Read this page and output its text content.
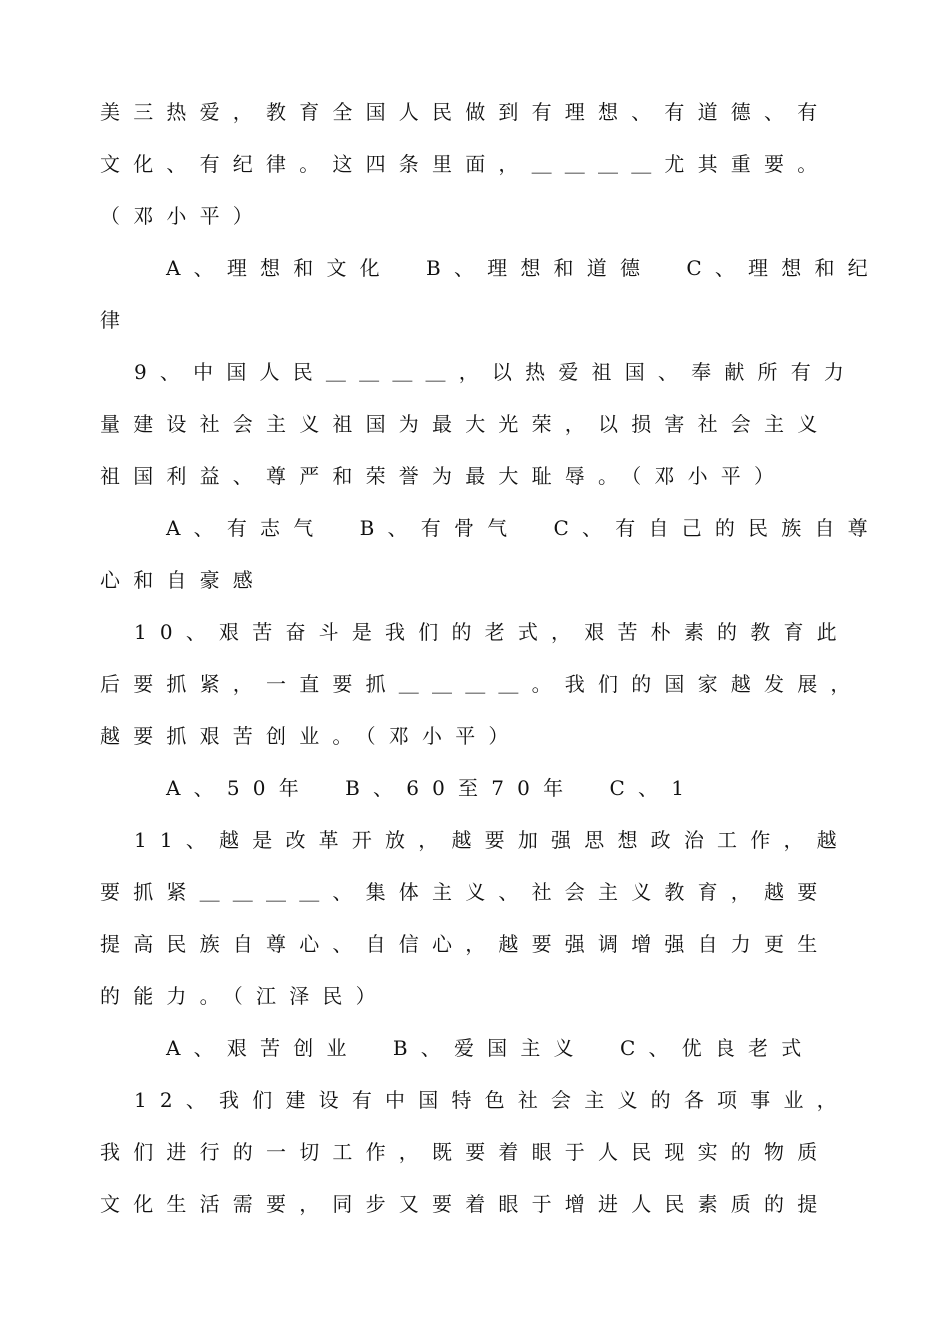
美三热爱，教育全国人民做到有理想、有道德、有
文化、有纪律。这四条里面，＿＿＿＿尤其重要。
（邓小平）
A、理想和文化　B、理想和道德　C、理想和纪
律
9、中国人民＿＿＿＿，以热爱祖国、奉献所有力
量建设社会主义祖国为最大光荣，以损害社会主义
祖国利益、尊严和荣誉为最大耻辱。（邓小平）
A、有志气　B、有骨气　C、有自己的民族自尊
心和自豪感
10、艰苦奋斗是我们的老式，艰苦朴素的教育此
后要抓紧，一直要抓＿＿＿＿。我们的国家越发展，
越要抓艰苦创业。（邓小平）
A、50年　B、60至70年　C、1
11、越是改革开放，越要加强思想政治工作，越
要抓紧＿＿＿＿、集体主义、社会主义教育，越要
提高民族自尊心、自信心，越要强调增强自力更生
的能力。（江泽民）
A、艰苦创业　B、爱国主义　C、优良老式
12、我们建设有中国特色社会主义的各项事业，
我们进行的一切工作，既要着眼于人民现实的物质
文化生活需要，同步又要着眼于增进人民素质的提
